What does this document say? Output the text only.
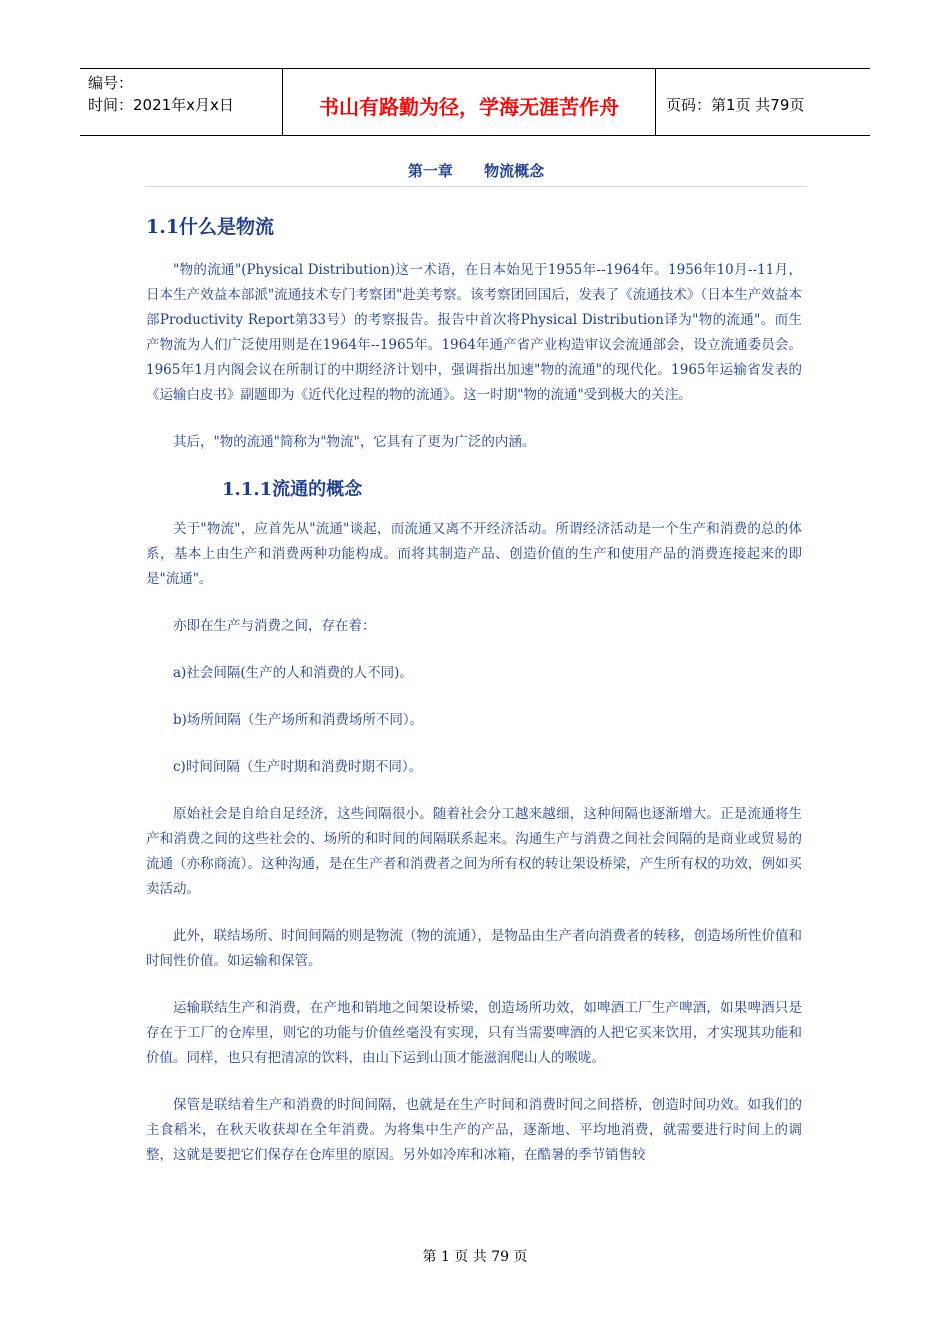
编号：
时间：2021年x月x日	书山有路勤为径，学海无涯苦作舟	页码：第1页 共79页
第一章      物流概念
1.1什么是物流

"物的流通"(Physical Distribution)这一术语，在日本始见于1955年--1964年。1956年10月--11月，日本生产效益本部派"流通技术专门考察团"赴美考察。该考察团回国后，发表了《流通技术》（日本生产效益本部Productivity Report第33号）的考察报告。报告中首次将Physical Distribution译为"物的流通"。而生产物流为人们广泛使用则是在1964年--1965年。1964年通产省产业构造审议会流通部会，设立流通委员会。1965年1月内阁会议在所制订的中期经济计划中，强调指出加速"物的流通"的现代化。1965年运输省发表的《运输白皮书》副题即为《近代化过程的物的流通》。这一时期"物的流通"受到极大的关注。

其后，"物的流通"简称为"物流"，它具有了更为广泛的内涵。

1.1.1流通的概念

关于"物流"，应首先从"流通"谈起，而流通又离不开经济活动。所谓经济活动是一个生产和消费的总的体系，基本上由生产和消费两种功能构成。而将其制造产品、创造价值的生产和使用产品的消费连接起来的即是"流通"。

亦即在生产与消费之间，存在着：

a)社会间隔(生产的人和消费的人不同)。

b)场所间隔（生产场所和消费场所不同）。

c)时间间隔（生产时期和消费时期不同）。

原始社会是自给自足经济，这些间隔很小。随着社会分工越来越细，这种间隔也逐渐增大。正是流通将生产和消费之间的这些社会的、场所的和时间的间隔联系起来。沟通生产与消费之间社会间隔的是商业或贸易的流通（亦称商流）。这种沟通，是在生产者和消费者之间为所有权的转让架设桥梁，产生所有权的功效，例如买卖活动。

此外，联结场所、时间间隔的则是物流（物的流通），是物品由生产者向消费者的转移，创造场所性价值和时间性价值。如运输和保管。

运输联结生产和消费，在产地和销地之间架设桥梁，创造场所功效，如啤酒工厂生产啤酒，如果啤酒只是存在于工厂的仓库里，则它的功能与价值丝毫没有实现，只有当需要啤酒的人把它买来饮用，才实现其功能和价值。同样，也只有把清凉的饮料，由山下运到山顶才能滋润爬山人的喉咙。

保管是联结着生产和消费的时间间隔，也就是在生产时间和消费时间之间搭桥，创造时间功效。如我们的主食稻米，在秋天收获却在全年消费。为将集中生产的产品，逐渐地、平均地消费，就需要进行时间上的调整，这就是要把它们保存在仓库里的原因。另外如冷库和冰箱，在酷暑的季节销售较

第 1 页 共 79 页
